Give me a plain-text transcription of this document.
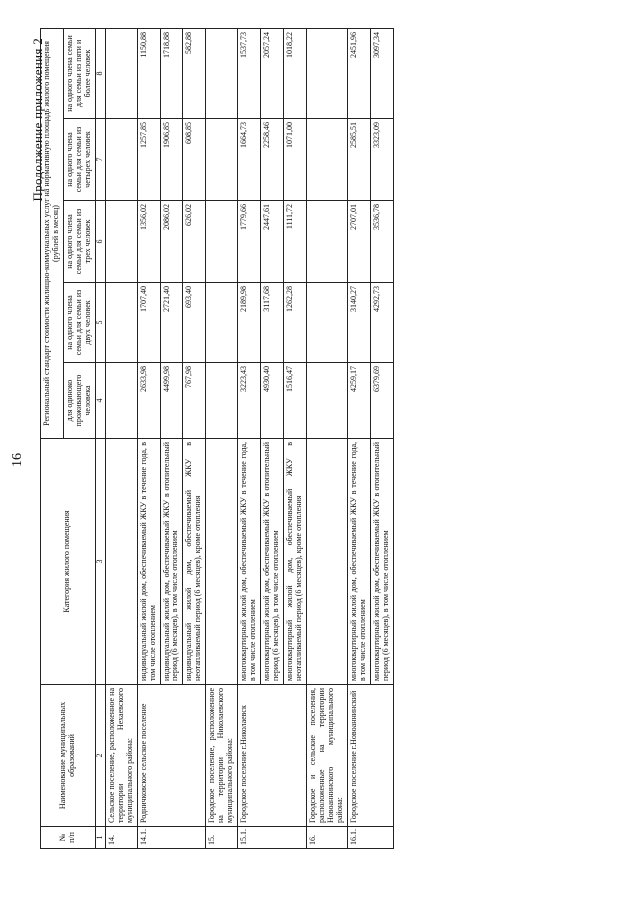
16
Продолжение приложения 2
№ п/п	Наименование муниципальных образований	Категория жилого помещения	Региональный стандарт стоимости жилищно-коммунальных услуг на нормативную площадь жилого помещения (рублей в месяц)				
			для одиноко проживающего человека	на одного члена семьи для семьи из двух человек	на одного члена семьи для семьи из трех человек	на одного члена семьи для семьи из четырех человек	на одного члена семьи для семьи из пяти и более человек
1	2	3	4	5	6	7	8
14.	Сельское поселение, расположенное на территории Нехаевского муниципального района:						
14.1.	Родничковское сельское поселение	индивидуальный жилой дом, обеспечиваемый ЖКУ в течение года, в том числе отоплением	2633,98	1707,40	1356,02	1257,85	1150,88
		индивидуальный жилой дом, обеспечиваемый ЖКУ в отопительный период (6 месяцев), в том числе отоплением	4499,98	2721,40	2086,02	1906,85	1718,88
		индивидуальный жилой дом, обеспечиваемый ЖКУ в неотапливаемый период (6 месяцев), кроме отопления	767,98	693,40	626,02	608,85	582,88
15.	Городское поселение, расположенное на территории Николаевского муниципального района:						
15.1.	Городское поселение г.Николаевск	многоквартирный жилой дом, обеспечиваемый ЖКУ в течение года, в том числе отоплением	3223,43	2189,98	1779,66	1664,73	1537,73
		многоквартирный жилой дом, обеспечиваемый ЖКУ в отопительный период (6 месяцев), в том числе отоплением	4930,40	3117,68	2447,61	2258,46	2057,24
		многоквартирный жилой дом, обеспечиваемый ЖКУ в неотапливаемый период (6 месяцев), кроме отопления	1516,47	1262,28	1111,72	1071,00	1018,22
16.	Городское и сельские поселения, расположенные на территории Новоаннинского муниципального района:						
16.1.	Городское поселение г.Новоаннинский	многоквартирный жилой дом, обеспечиваемый ЖКУ в течение года, в том числе отоплением	4259,17	3140,27	2707,01	2585,51	2451,96
		многоквартирный жилой дом, обеспечиваемый ЖКУ в отопительный период (6 месяцев), в том числе отоплением	6379,69	4292,73	3536,78	3323,09	3097,34
